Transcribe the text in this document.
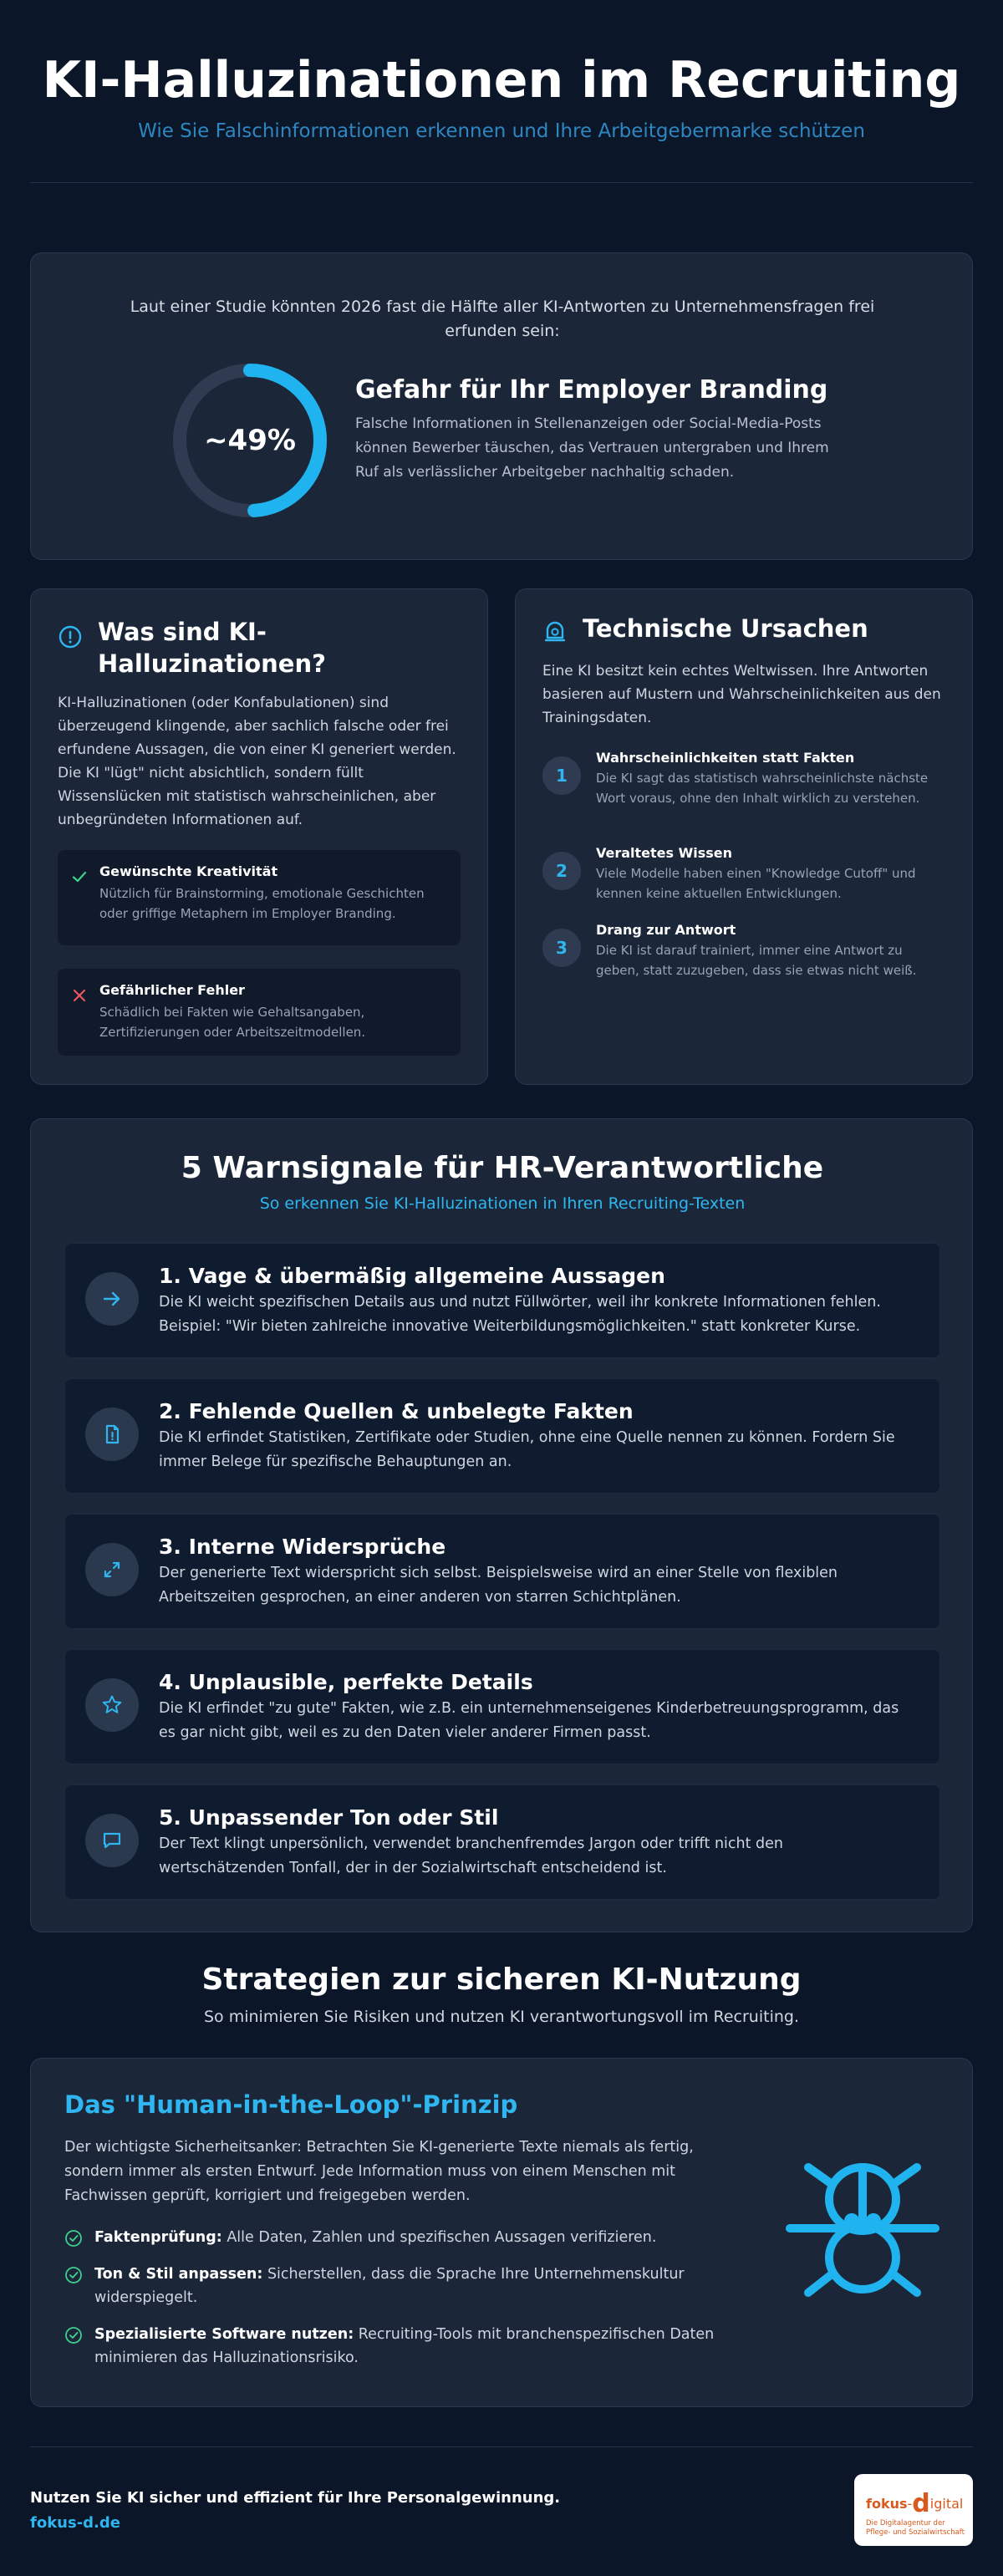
KI-Halluzinationen im Recruiting
Wie Sie Falschinformationen erkennen und Ihre Arbeitgebermarke schützen
Laut einer Studie könnten 2026 fast die Hälfte aller KI-Antworten zu Unternehmensfragen frei erfunden sein:
~49%
Gefahr für Ihr Employer Branding
Falsche Informationen in Stellenanzeigen oder Social-Media-Posts können Bewerber täuschen, das Vertrauen untergraben und Ihrem Ruf als verlässlicher Arbeitgeber nachhaltig schaden.
Was sind KI-Halluzinationen?
KI-Halluzinationen (oder Konfabulationen) sind überzeugend klingende, aber sachlich falsche oder frei erfundene Aussagen, die von einer KI generiert werden. Die KI "lügt" nicht absichtlich, sondern füllt Wissenslücken mit statistisch wahrscheinlichen, aber unbegründeten Informationen auf.
Gewünschte Kreativität
Nützlich für Brainstorming, emotionale Geschichten oder griffige Metaphern im Employer Branding.
Gefährlicher Fehler
Schädlich bei Fakten wie Gehaltsangaben, Zertifizierungen oder Arbeitszeitmodellen.
Technische Ursachen
Eine KI besitzt kein echtes Weltwissen. Ihre Antworten basieren auf Mustern und Wahrscheinlichkeiten aus den Trainingsdaten.
1
Wahrscheinlichkeiten statt Fakten
Die KI sagt das statistisch wahrscheinlichste nächste Wort voraus, ohne den Inhalt wirklich zu verstehen.
2
Veraltetes Wissen
Viele Modelle haben einen "Knowledge Cutoff" und kennen keine aktuellen Entwicklungen.
3
Drang zur Antwort
Die KI ist darauf trainiert, immer eine Antwort zu geben, statt zuzugeben, dass sie etwas nicht weiß.
5 Warnsignale für HR-Verantwortliche
So erkennen Sie KI-Halluzinationen in Ihren Recruiting-Texten
1. Vage & übermäßig allgemeine Aussagen
Die KI weicht spezifischen Details aus und nutzt Füllwörter, weil ihr konkrete Informationen fehlen. Beispiel: "Wir bieten zahlreiche innovative Weiterbildungsmöglichkeiten." statt konkreter Kurse.
2. Fehlende Quellen & unbelegte Fakten
Die KI erfindet Statistiken, Zertifikate oder Studien, ohne eine Quelle nennen zu können. Fordern Sie immer Belege für spezifische Behauptungen an.
3. Interne Widersprüche
Der generierte Text widerspricht sich selbst. Beispielsweise wird an einer Stelle von flexiblen Arbeitszeiten gesprochen, an einer anderen von starren Schichtplänen.
4. Unplausible, perfekte Details
Die KI erfindet "zu gute" Fakten, wie z.B. ein unternehmenseigenes Kinderbetreuungsprogramm, das es gar nicht gibt, weil es zu den Daten vieler anderer Firmen passt.
5. Unpassender Ton oder Stil
Der Text klingt unpersönlich, verwendet branchenfremdes Jargon oder trifft nicht den wertschätzenden Tonfall, der in der Sozialwirtschaft entscheidend ist.
Strategien zur sicheren KI-Nutzung
So minimieren Sie Risiken und nutzen KI verantwortungsvoll im Recruiting.
Das "Human-in-the-Loop"-Prinzip
Der wichtigste Sicherheitsanker: Betrachten Sie KI-generierte Texte niemals als fertig, sondern immer als ersten Entwurf. Jede Information muss von einem Menschen mit Fachwissen geprüft, korrigiert und freigegeben werden.
Faktenprüfung: Alle Daten, Zahlen und spezifischen Aussagen verifizieren.
Ton & Stil anpassen: Sicherstellen, dass die Sprache Ihre Unternehmenskultur widerspiegelt.
Spezialisierte Software nutzen: Recruiting-Tools mit branchenspezifischen Daten minimieren das Halluzinationsrisiko.
Nutzen Sie KI sicher und effizient für Ihre Personalgewinnung.
fokus-d.de
fokus-digital
Die Digitalagentur der Pflege- und Sozialwirtschaft
